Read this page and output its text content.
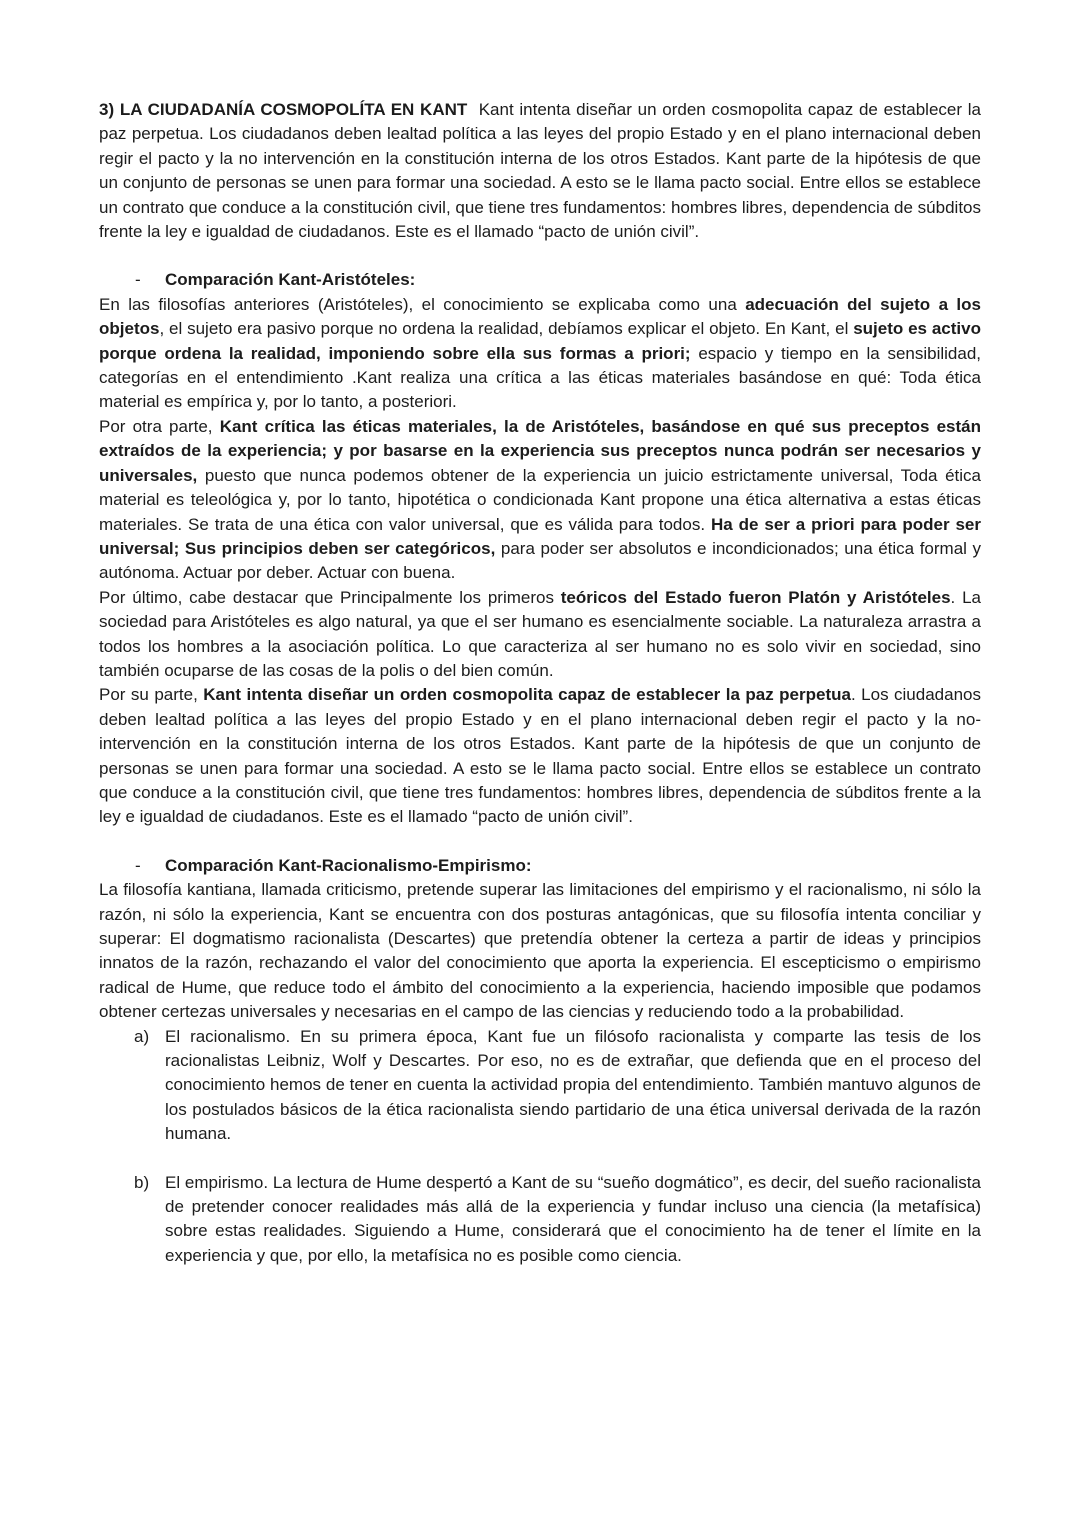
3) LA CIUDADANÍA COSMOPOLÍTA EN KANT Kant intenta diseñar un orden cosmopolita capaz de establecer la paz perpetua. Los ciudadanos deben lealtad política a las leyes del propio Estado y en el plano internacional deben regir el pacto y la no intervención en la constitución interna de los otros Estados. Kant parte de la hipótesis de que un conjunto de personas se unen para formar una sociedad. A esto se le llama pacto social. Entre ellos se establece un contrato que conduce a la constitución civil, que tiene tres fundamentos: hombres libres, dependencia de súbditos frente la ley e igualdad de ciudadanos. Este es el llamado “pacto de unión civil”.

-	Comparación Kant-Aristóteles:

En las filosofías anteriores (Aristóteles), el conocimiento se explicaba como una adecuación del sujeto a los objetos, el sujeto era pasivo porque no ordena la realidad, debíamos explicar el objeto. En Kant, el sujeto es activo porque ordena la realidad, imponiendo sobre ella sus formas a priori; espacio y tiempo en la sensibilidad, categorías en el entendimiento .Kant realiza una crítica a las éticas materiales basándose en qué: Toda ética material es empírica y, por lo tanto, a posteriori.

Por otra parte, Kant crítica las éticas materiales, la de Aristóteles, basándose en qué sus preceptos están extraídos de la experiencia; y por basarse en la experiencia sus preceptos nunca podrán ser necesarios y universales, puesto que nunca podemos obtener de la experiencia un juicio estrictamente universal, Toda ética material es teleológica y, por lo tanto, hipotética o condicionada Kant propone una ética alternativa a estas éticas materiales. Se trata de una ética con valor universal, que es válida para todos. Ha de ser a priori para poder ser universal; Sus principios deben ser categóricos, para poder ser absolutos e incondicionados; una ética formal y autónoma. Actuar por deber. Actuar con buena.

Por último, cabe destacar que Principalmente los primeros teóricos del Estado fueron Platón y Aristóteles. La sociedad para Aristóteles es algo natural, ya que el ser humano es esencialmente sociable. La naturaleza arrastra a todos los hombres a la asociación política. Lo que caracteriza al ser humano no es solo vivir en sociedad, sino también ocuparse de las cosas de la polis o del bien común.

Por su parte, Kant intenta diseñar un orden cosmopolita capaz de establecer la paz perpetua. Los ciudadanos deben lealtad política a las leyes del propio Estado y en el plano internacional deben regir el pacto y la no- intervención en la constitución interna de los otros Estados. Kant parte de la hipótesis de que un conjunto de personas se unen para formar una sociedad. A esto se le llama pacto social. Entre ellos se establece un contrato que conduce a la constitución civil, que tiene tres fundamentos: hombres libres, dependencia de súbditos frente a la ley e igualdad de ciudadanos. Este es el llamado “pacto de unión civil”.

-	Comparación Kant-Racionalismo-Empirismo:

La filosofía kantiana, llamada criticismo, pretende superar las limitaciones del empirismo y el racionalismo, ni sólo la razón, ni sólo la experiencia, Kant se encuentra con dos posturas antagónicas, que su filosofía intenta conciliar y superar: El dogmatismo racionalista (Descartes) que pretendía obtener la certeza a partir de ideas y principios innatos de la razón, rechazando el valor del conocimiento que aporta la experiencia. El escepticismo o empirismo radical de Hume, que reduce todo el ámbito del conocimiento a la experiencia, haciendo imposible que podamos obtener certezas universales y necesarias en el campo de las ciencias y reduciendo todo a la probabilidad.

a) El racionalismo. En su primera época, Kant fue un filósofo racionalista y comparte las tesis de los racionalistas Leibniz, Wolf y Descartes. Por eso, no es de extrañar, que defienda que en el proceso del conocimiento hemos de tener en cuenta la actividad propia del entendimiento. También mantuvo algunos de los postulados básicos de la ética racionalista siendo partidario de una ética universal derivada de la razón humana.
b) El empirismo. La lectura de Hume despertó a Kant de su “sueño dogmático”, es decir, del sueño racionalista de pretender conocer realidades más allá de la experiencia y fundar incluso una ciencia (la metafísica) sobre estas realidades. Siguiendo a Hume, considerará que el conocimiento ha de tener el límite en la experiencia y que, por ello, la metafísica no es posible como ciencia.
